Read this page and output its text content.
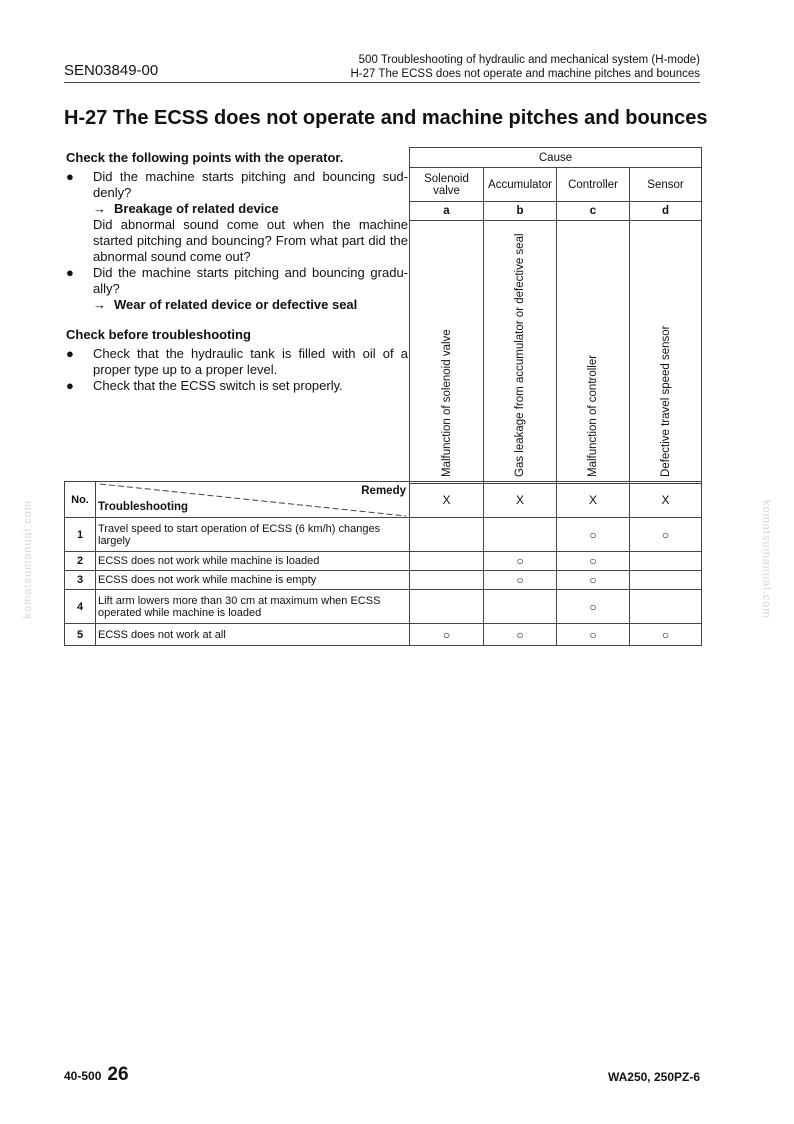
SEN03849-00
500 Troubleshooting of hydraulic and mechanical system (H-mode)
H-27 The ECSS does not operate and machine pitches and bounces
H-27 The ECSS does not operate and machine pitches and bounces
Check the following points with the operator.
● Did the machine starts pitching and bouncing sud-denly?
→ Breakage of related device
Did abnormal sound come out when the machine started pitching and bouncing? From what part did the abnormal sound come out?
● Did the machine starts pitching and bouncing gradu-ally?
→ Wear of related device or defective seal
Check before troubleshooting
● Check that the hydraulic tank is filled with oil of a proper type up to a proper level.
● Check that the ECSS switch is set properly.
Cause			
Solenoid valve	Accumulator	Controller	Sensor
a	b	c	d

Malfunction of solenoid valve	Gas leakage from accumulator or defective seal	Malfunction of controller	Defective travel speed sensor
No.	Remedy
Troubleshooting	X	X	X	X
1	Travel speed to start operation of ECSS (6 km/h) changes largely			○	○
2	ECSS does not work while machine is loaded		○	○	
3	ECSS does not work while machine is empty		○	○	
4	Lift arm lowers more than 30 cm at maximum when ECSS operated while machine is loaded			○	
5	ECSS does not work at all	○	○	○	○
komatsumanual.com	komatsumanual.com
40-500 26	WA250, 250PZ-6
